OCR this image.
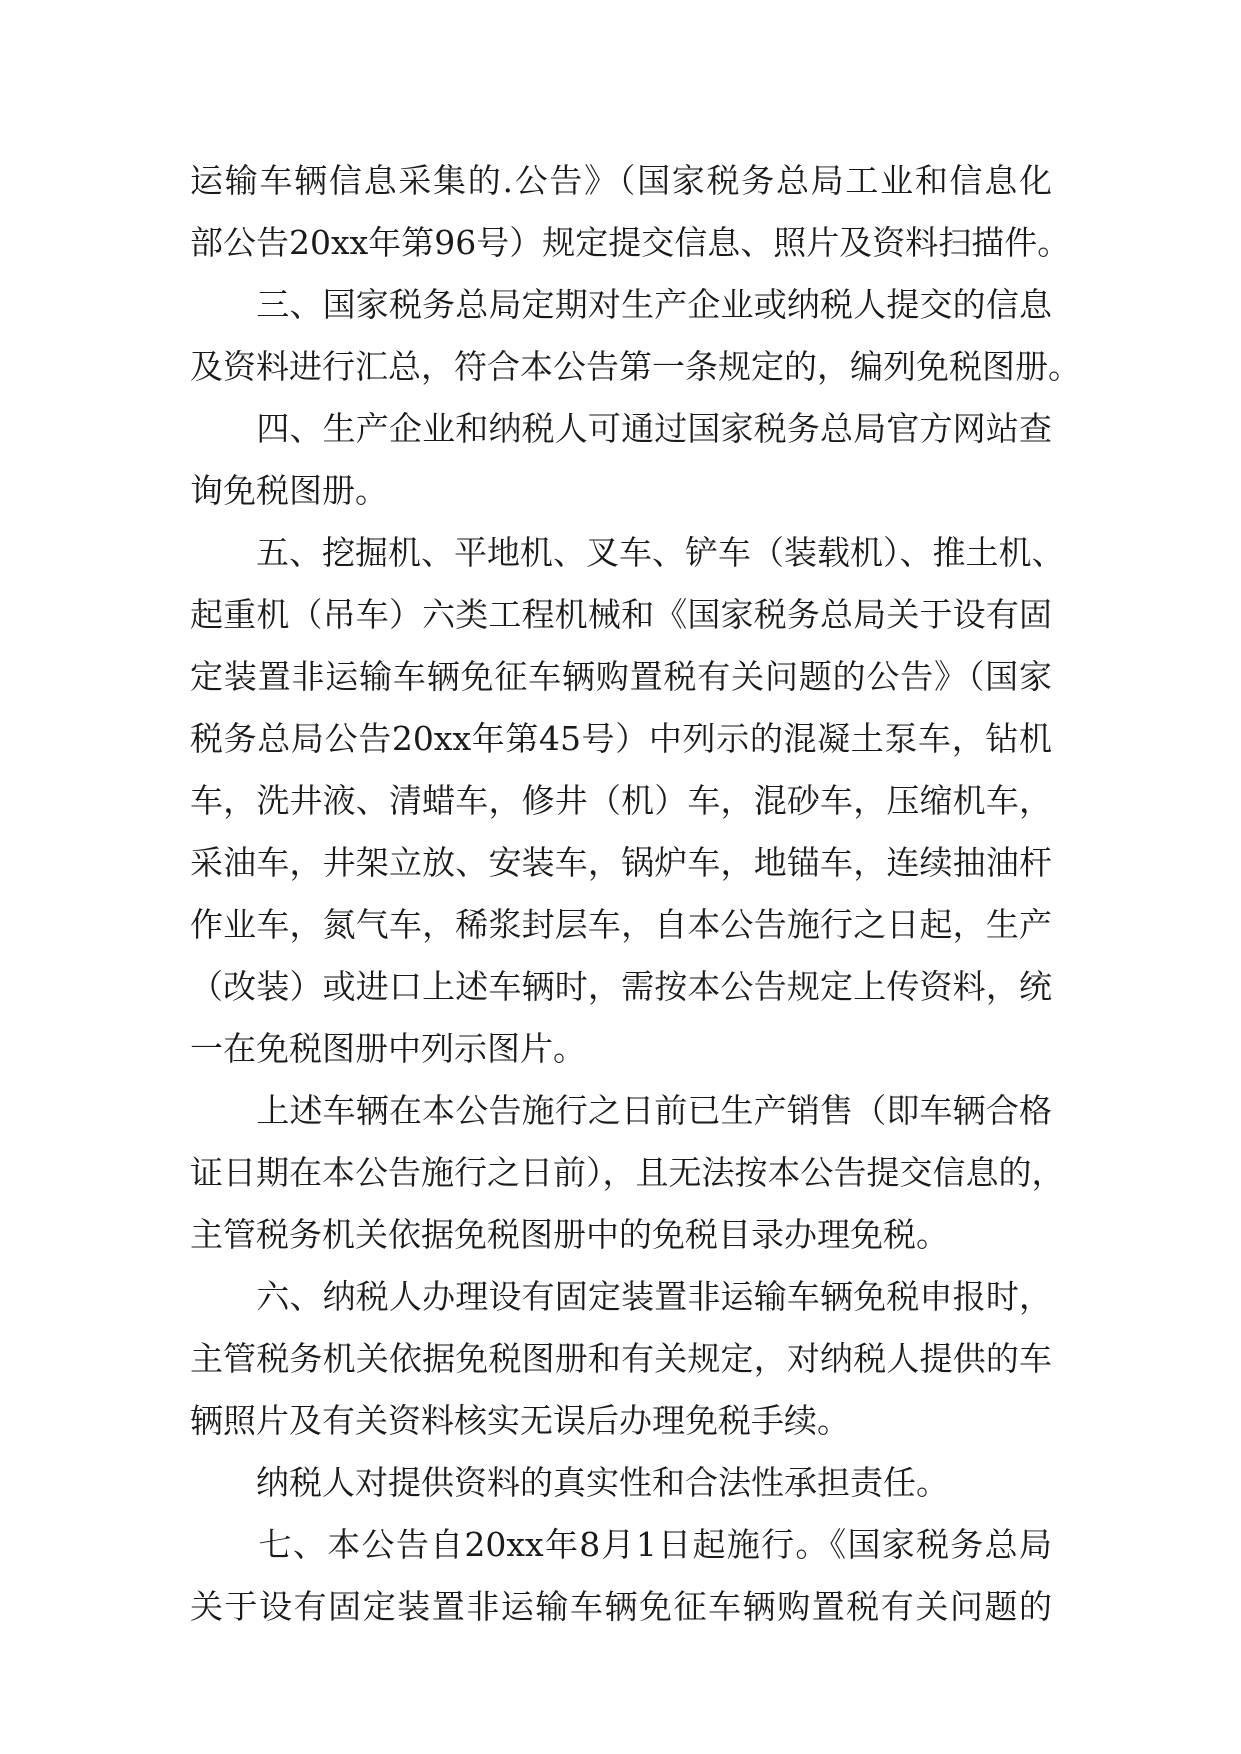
运输车辆信息采集的.公告》（国家税务总局工业和信息化
部公告20xx年第96号）规定提交信息、照片及资料扫描件。
　　三、国家税务总局定期对生产企业或纳税人提交的信息
及资料进行汇总，符合本公告第一条规定的，编列免税图册。
　　四、生产企业和纳税人可通过国家税务总局官方网站查
询免税图册。
　　五、挖掘机、平地机、叉车、铲车（装载机）、推土机、
起重机（吊车）六类工程机械和《国家税务总局关于设有固
定装置非运输车辆免征车辆购置税有关问题的公告》（国家
税务总局公告20xx年第45号）中列示的混凝土泵车，钻机
车，洗井液、清蜡车，修井（机）车，混砂车，压缩机车，
采油车，井架立放、安装车，锅炉车，地锚车，连续抽油杆
作业车，氮气车，稀浆封层车，自本公告施行之日起，生产
（改装）或进口上述车辆时，需按本公告规定上传资料，统
一在免税图册中列示图片。
　　上述车辆在本公告施行之日前已生产销售（即车辆合格
证日期在本公告施行之日前），且无法按本公告提交信息的，
主管税务机关依据免税图册中的免税目录办理免税。
　　六、纳税人办理设有固定装置非运输车辆免税申报时，
主管税务机关依据免税图册和有关规定，对纳税人提供的车
辆照片及有关资料核实无误后办理免税手续。
　　纳税人对提供资料的真实性和合法性承担责任。
　　七、本公告自20xx年8月1日起施行。《国家税务总局
关于设有固定装置非运输车辆免征车辆购置税有关问题的
